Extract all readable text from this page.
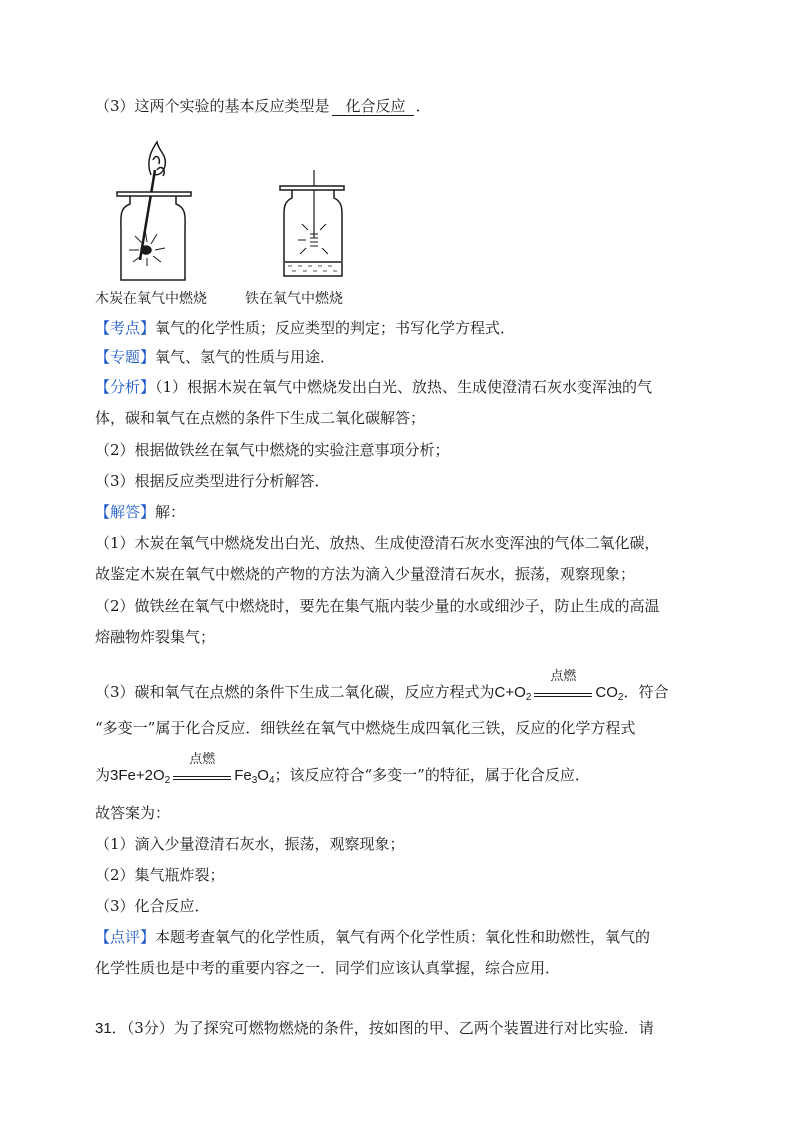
（3）这两个实验的基本反应类型是 化合反应 ．
木炭在氧气中燃烧	铁在氧气中燃烧
【考点】氧气的化学性质；反应类型的判定；书写化学方程式．
【专题】氧气、氢气的性质与用途．
【分析】（1）根据木炭在氧气中燃烧发出白光、放热、生成使澄清石灰水变浑浊的气
体，碳和氧气在点燃的条件下生成二氧化碳解答；
（2）根据做铁丝在氧气中燃烧的实验注意事项分析；
（3）根据反应类型进行分析解答．
【解答】解：
（1）木炭在氧气中燃烧发出白光、放热、生成使澄清石灰水变浑浊的气体二氧化碳，
故鉴定木炭在氧气中燃烧的产物的方法为滴入少量澄清石灰水，振荡，观察现象；
（2）做铁丝在氧气中燃烧时，要先在集气瓶内装少量的水或细沙子，防止生成的高温
熔融物炸裂集气；
（3）碳和氧气在点燃的条件下生成二氧化碳，反应方程式为$C+O_2$
点燃
$CO_2$．符合
“多变一”属于化合反应．细铁丝在氧气中燃烧生成四氧化三铁，反应的化学方程式
为$3Fe+2O_2$
点燃
$Fe_3O_4$；该反应符合“多变一”的特征，属于化合反应．
故答案为：
（1）滴入少量澄清石灰水，振荡，观察现象；
（2）集气瓶炸裂；
（3）化合反应．
【点评】本题考查氧气的化学性质，氧气有两个化学性质：氧化性和助燃性，氧气的
化学性质也是中考的重要内容之一．同学们应该认真掌握，综合应用．
31．（3分）为了探究可燃物燃烧的条件，按如图的甲、乙两个装置进行对比实验．请
